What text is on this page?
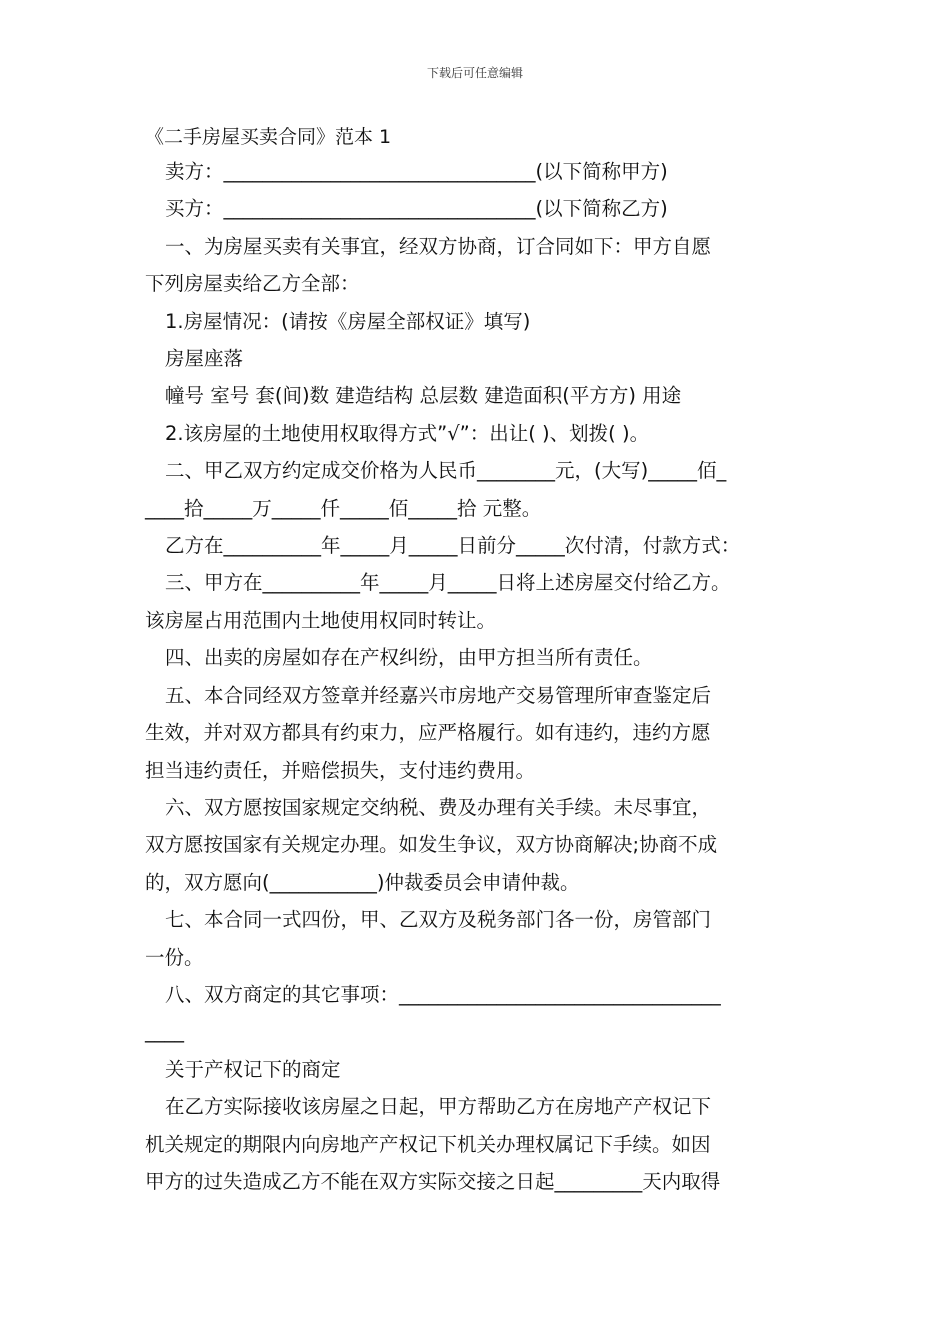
下载后可任意编辑
《二手房屋买卖合同》范本 1
卖方：________________________________(以下简称甲方)
买方：________________________________(以下简称乙方)
一、为房屋买卖有关事宜，经双方协商，订合同如下：甲方自愿
下列房屋卖给乙方全部：
1.房屋情况：(请按《房屋全部权证》填写)
房屋座落
幢号 室号 套(间)数 建造结构 总层数 建造面积(平方方) 用途
2.该房屋的土地使用权取得方式”√”：出让( )、划拨( )。
二、甲乙双方约定成交价格为人民币________元，(大写)_____佰_
____拾_____万_____仟_____佰_____拾 元整。
乙方在__________年_____月_____日前分_____次付清，付款方式：
三、甲方在__________年_____月_____日将上述房屋交付给乙方。
该房屋占用范围内土地使用权同时转让。
四、出卖的房屋如存在产权纠纷，由甲方担当所有责任。
五、本合同经双方签章并经嘉兴市房地产交易管理所审查鉴定后
生效，并对双方都具有约束力，应严格履行。如有违约，违约方愿
担当违约责任，并赔偿损失，支付违约费用。
六、双方愿按国家规定交纳税、费及办理有关手续。未尽事宜，
双方愿按国家有关规定办理。如发生争议，双方协商解决;协商不成
的，双方愿向(___________)仲裁委员会申请仲裁。
七、本合同一式四份，甲、乙双方及税务部门各一份，房管部门
一份。
八、双方商定的其它事项：_________________________________
____
关于产权记下的商定
在乙方实际接收该房屋之日起，甲方帮助乙方在房地产产权记下
机关规定的期限内向房地产产权记下机关办理权属记下手续。如因
甲方的过失造成乙方不能在双方实际交接之日起_________天内取得
